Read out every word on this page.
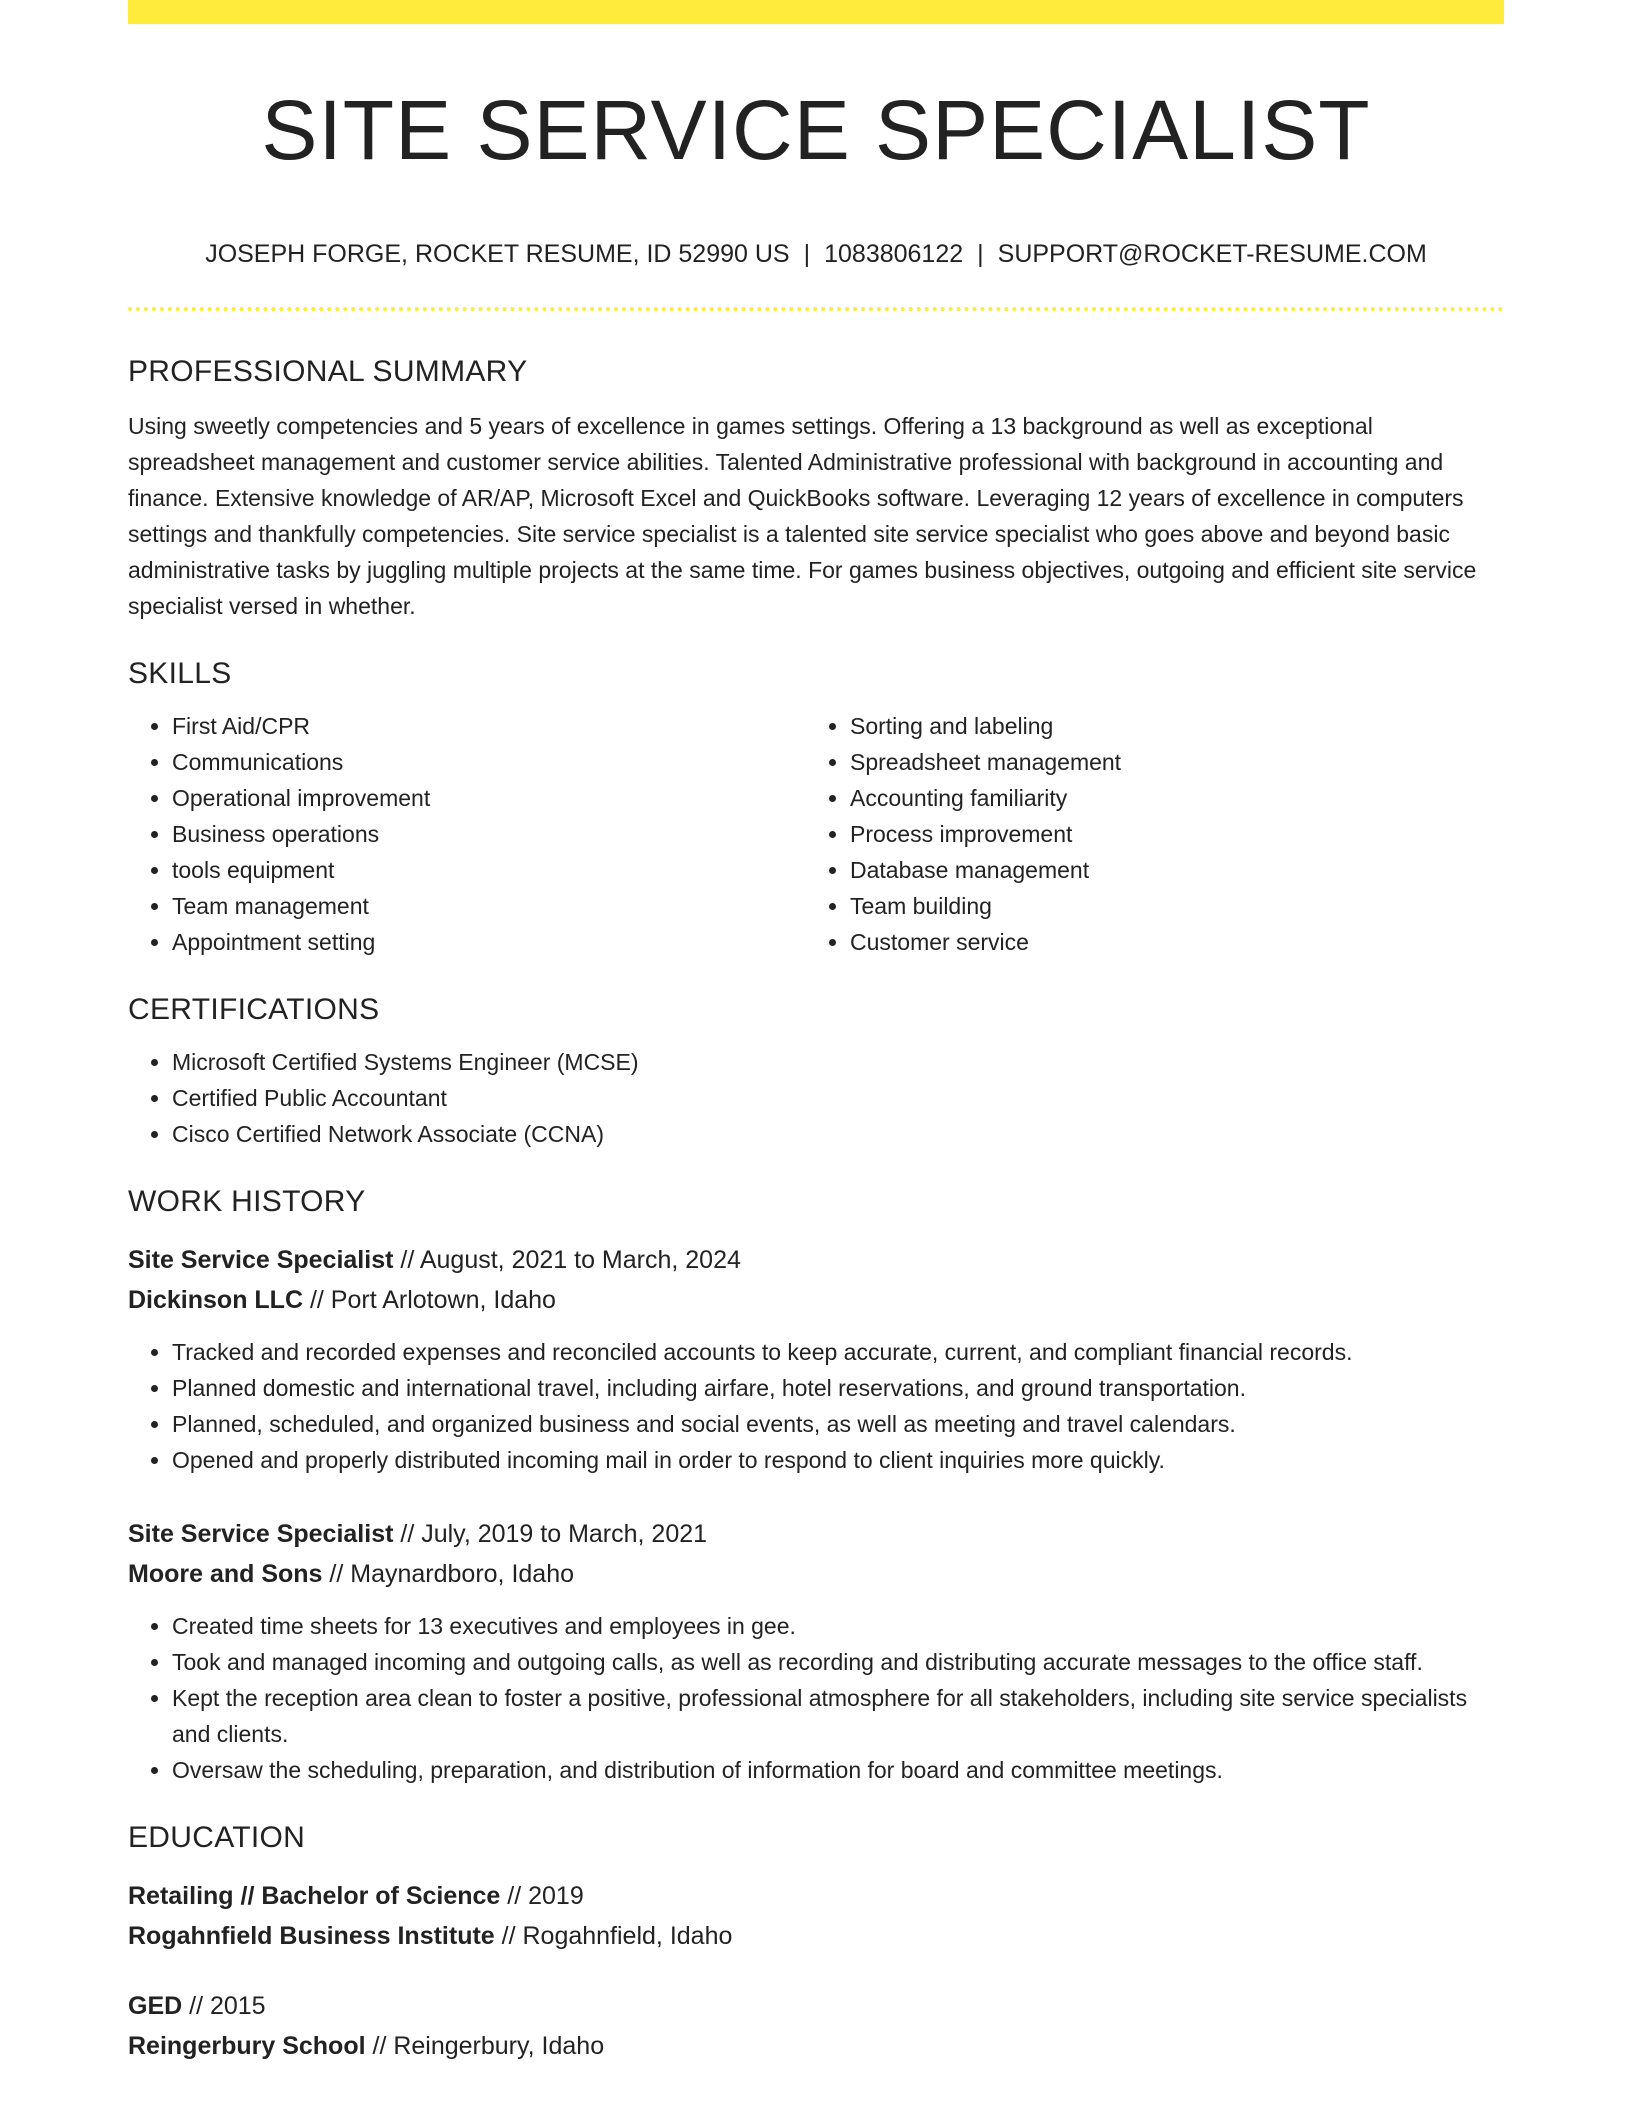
SITE SERVICE SPECIALIST
JOSEPH FORGE, ROCKET RESUME, ID 52990 US | 1083806122 | SUPPORT@ROCKET-RESUME.COM
PROFESSIONAL SUMMARY

Using sweetly competencies and 5 years of excellence in games settings. Offering a 13 background as well as exceptional spreadsheet management and customer service abilities. Talented Administrative professional with background in accounting and finance. Extensive knowledge of AR/AP, Microsoft Excel and QuickBooks software. Leveraging 12 years of excellence in computers settings and thankfully competencies. Site service specialist is a talented site service specialist who goes above and beyond basic administrative tasks by juggling multiple projects at the same time. For games business objectives, outgoing and efficient site service specialist versed in whether.

SKILLS
• First Aid/CPR
• Communications
• Operational improvement
• Business operations
• tools equipment
• Team management
• Appointment setting
• Sorting and labeling
• Spreadsheet management
• Accounting familiarity
• Process improvement
• Database management
• Team building
• Customer service
CERTIFICATIONS
• Microsoft Certified Systems Engineer (MCSE)
• Certified Public Accountant
• Cisco Certified Network Associate (CCNA)
WORK HISTORY
Site Service Specialist // August, 2021 to March, 2024
Dickinson LLC // Port Arlotown, Idaho
• Tracked and recorded expenses and reconciled accounts to keep accurate, current, and compliant financial records.
• Planned domestic and international travel, including airfare, hotel reservations, and ground transportation.
• Planned, scheduled, and organized business and social events, as well as meeting and travel calendars.
• Opened and properly distributed incoming mail in order to respond to client inquiries more quickly.
Site Service Specialist // July, 2019 to March, 2021
Moore and Sons // Maynardboro, Idaho
• Created time sheets for 13 executives and employees in gee.
• Took and managed incoming and outgoing calls, as well as recording and distributing accurate messages to the office staff.
• Kept the reception area clean to foster a positive, professional atmosphere for all stakeholders, including site service specialists and clients.
• Oversaw the scheduling, preparation, and distribution of information for board and committee meetings.
EDUCATION
Retailing // Bachelor of Science // 2019
Rogahnfield Business Institute // Rogahnfield, Idaho
GED // 2015
Reingerbury School // Reingerbury, Idaho
